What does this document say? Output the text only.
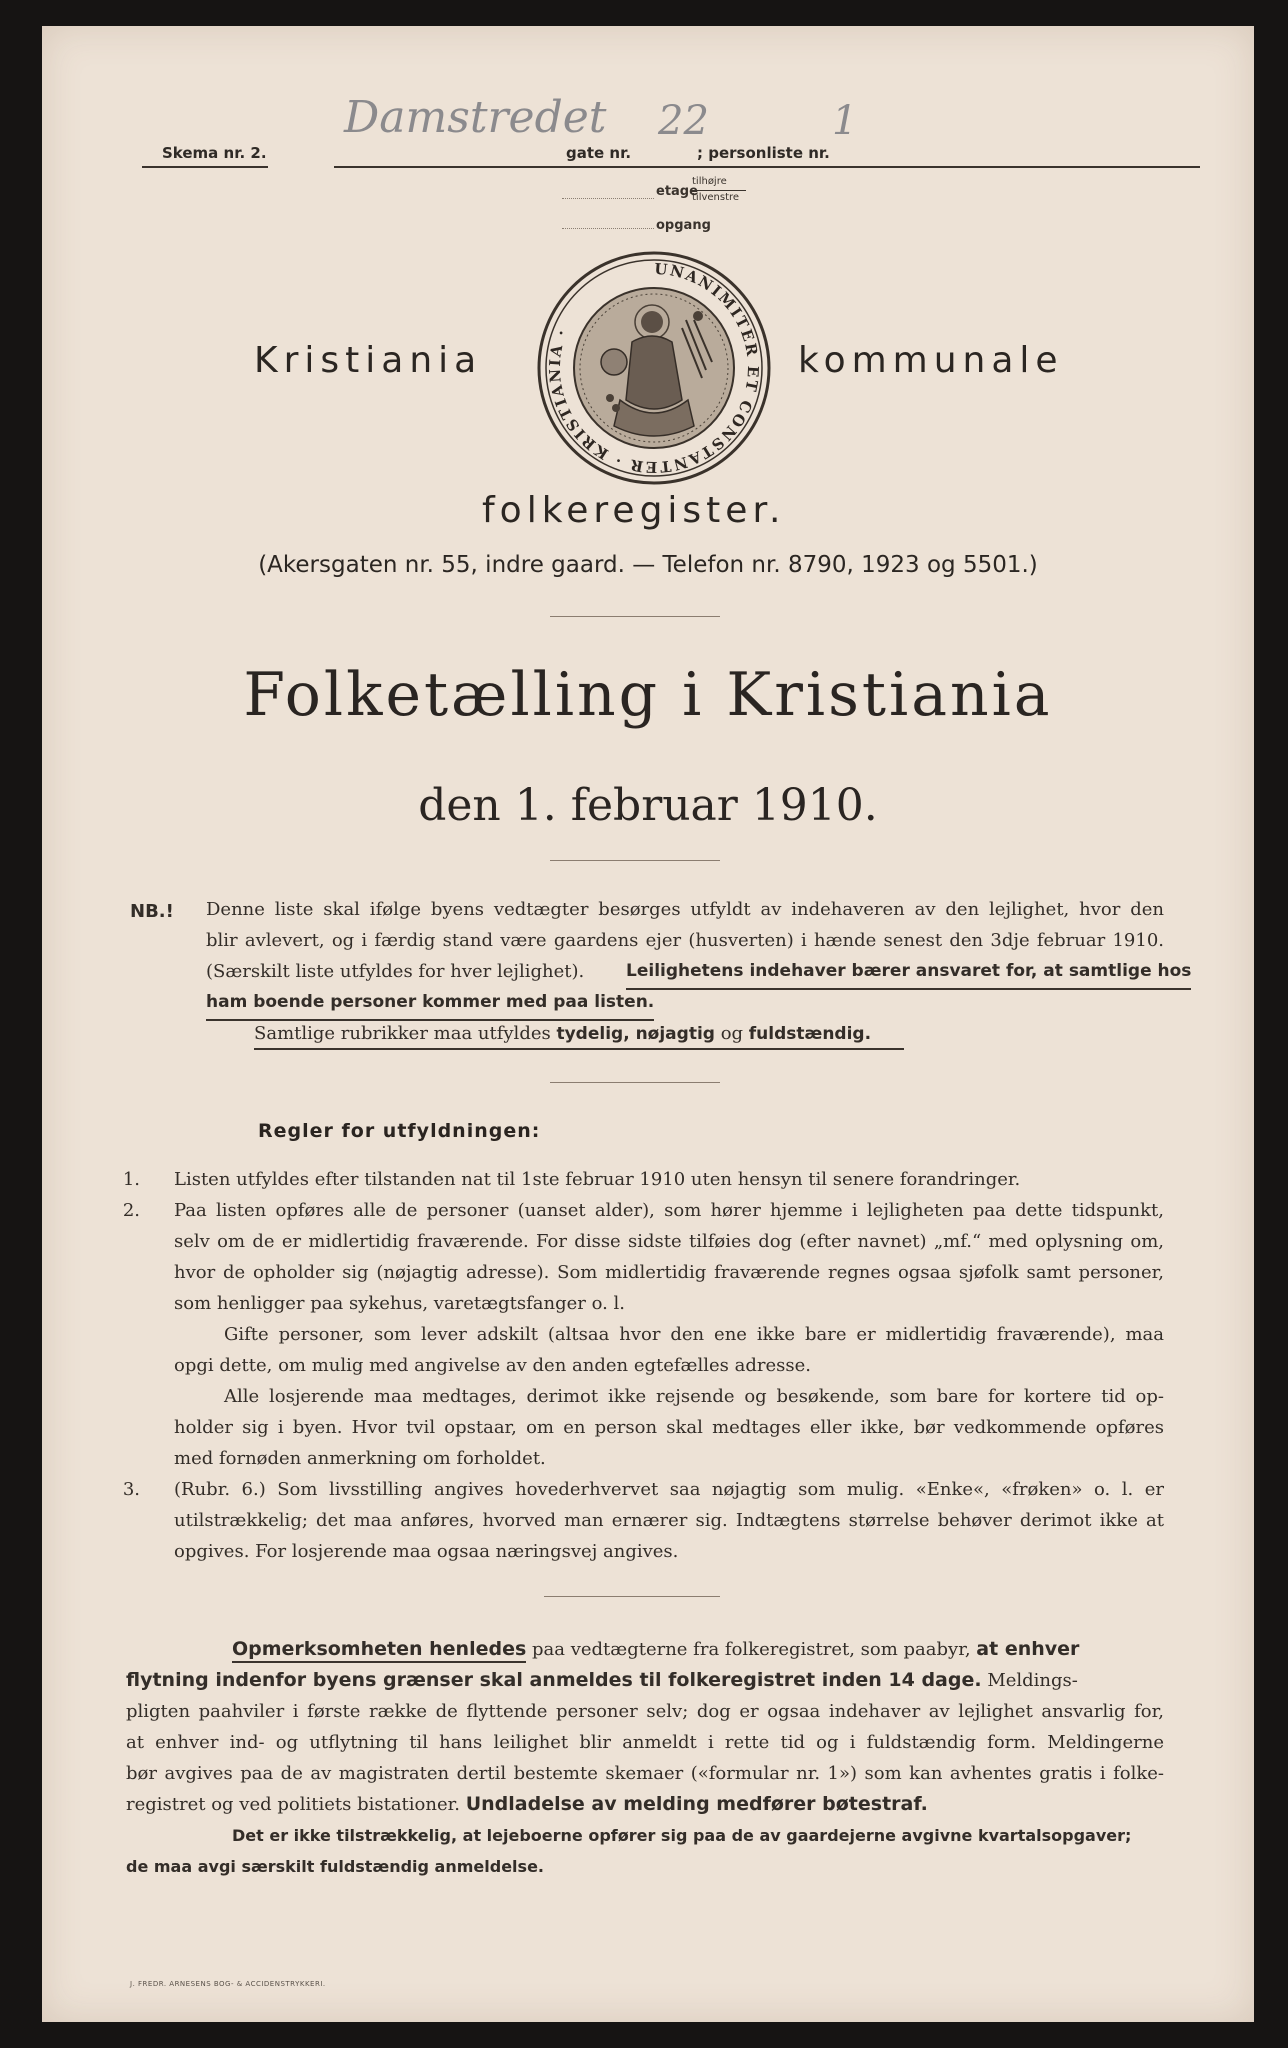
Skema nr. 2.
Damstredet
gate nr.
22
; personliste nr.
1
etage
tilhøjre
tilvenstre
opgang
Kristiania
UNANIMITER ET CONSTANTER · KRISTIANIA ·
kommunale
folkeregister.
(Akersgaten nr. 55, indre gaard. — Telefon nr. 8790, 1923 og 5501.)
Folketælling i Kristiania
den 1. februar 1910.
NB.! Denne liste skal ifølge byens vedtægter besørges utfyldt av indehaveren av den lejlighet, hvor den
blir avlevert, og i færdig stand være gaardens ejer (husverten) i hænde senest den 3dje februar 1910.
(Særskilt liste utfyldes for hver lejlighet). Leilighetens indehaver bærer ansvaret for, at samtlige hos
ham boende personer kommer med paa listen.
Samtlige rubrikker maa utfyldes tydelig, nøjagtig og fuldstændig.
Regler for utfyldningen:
1. Listen utfyldes efter tilstanden nat til 1ste februar 1910 uten hensyn til senere forandringer.
2. Paa listen opføres alle de personer (uanset alder), som hører hjemme i lejligheten paa dette tidspunkt,
selv om de er midlertidig fraværende. For disse sidste tilføies dog (efter navnet) „mf.“ med oplysning om,
hvor de opholder sig (nøjagtig adresse). Som midlertidig fraværende regnes ogsaa sjøfolk samt personer,
som henligger paa sykehus, varetægtsfanger o. l.
Gifte personer, som lever adskilt (altsaa hvor den ene ikke bare er midlertidig fraværende), maa
opgi dette, om mulig med angivelse av den anden egtefælles adresse.
Alle losjerende maa medtages, derimot ikke rejsende og besøkende, som bare for kortere tid op-
holder sig i byen. Hvor tvil opstaar, om en person skal medtages eller ikke, bør vedkommende opføres
med fornøden anmerkning om forholdet.
3. (Rubr. 6.) Som livsstilling angives hovederhvervet saa nøjagtig som mulig. «Enke«, «frøken» o. l. er
utilstrækkelig; det maa anføres, hvorved man ernærer sig. Indtægtens størrelse behøver derimot ikke at
opgives. For losjerende maa ogsaa næringsvej angives.
Opmerksomheten henledes paa vedtægterne fra folkeregistret, som paabyr, at enhver
flytning indenfor byens grænser skal anmeldes til folkeregistret inden 14 dage. Meldings-
pligten paahviler i første række de flyttende personer selv; dog er ogsaa indehaver av lejlighet ansvarlig for,
at enhver ind- og utflytning til hans leilighet blir anmeldt i rette tid og i fuldstændig form. Meldingerne
bør avgives paa de av magistraten dertil bestemte skemaer («formular nr. 1») som kan avhentes gratis i folke-
registret og ved politiets bistationer. Undladelse av melding medfører bøtestraf.
Det er ikke tilstrækkelig, at lejeboerne opfører sig paa de av gaardejerne avgivne kvartalsopgaver;
de maa avgi særskilt fuldstændig anmeldelse.
J. FREDR. ARNESENS BOG- & ACCIDENSTRYKKERI.
